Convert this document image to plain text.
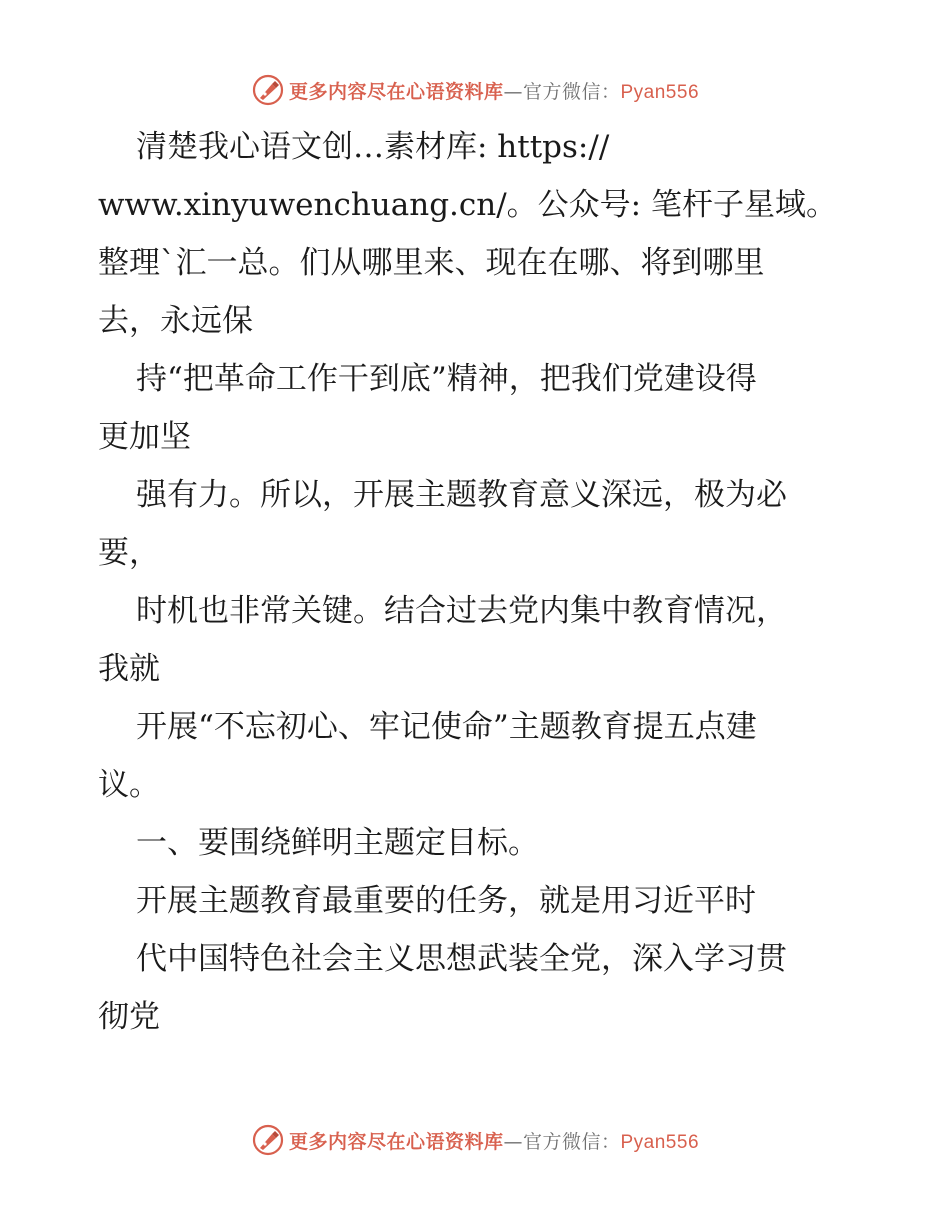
更多内容尽在心语资料库—官方微信：Pyan556
清楚我心语文创…素材库: https://
www.xinyuwenchuang.cn/。公众号: 笔杆子星域。
整理`汇一总。们从哪里来、现在在哪、将到哪里
去，永远保
持“把革命工作干到底”精神，把我们党建设得
更加坚
强有力。所以，开展主题教育意义深远，极为必
要，
时机也非常关键。结合过去党内集中教育情况，
我就
开展“不忘初心、牢记使命”主题教育提五点建
议。
一、要围绕鲜明主题定目标。
开展主题教育最重要的任务，就是用习近平时
代中国特色社会主义思想武装全党，深入学习贯
彻党
更多内容尽在心语资料库—官方微信：Pyan556
